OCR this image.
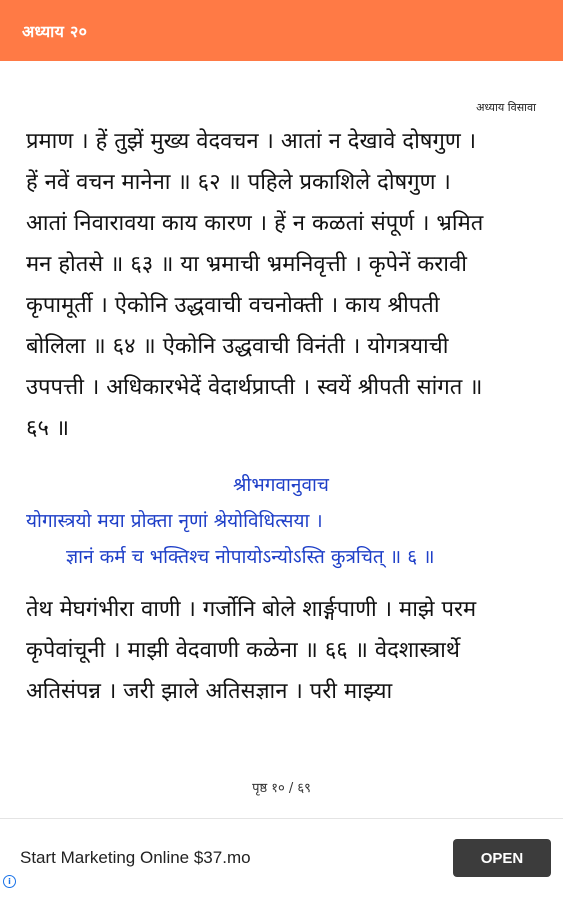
अध्याय २०
अध्याय विसावा

प्रमाण । हें तुझें मुख्य वेदवचन । आतां न देखावे दोषगुण ।
हें नवें वचन मानेना ॥ ६२ ॥ पहिले प्रकाशिले दोषगुण ।
आतां निवारावया काय कारण । हें न कळतां संपूर्ण । भ्रमित
मन होतसे ॥ ६३ ॥ या भ्रमाची भ्रमनिवृत्ती । कृपेनें करावी
कृपामूर्ती । ऐकोनि उद्धवाची वचनोक्ती । काय श्रीपती
बोलिला ॥ ६४ ॥ ऐकोनि उद्धवाची विनंती । योगत्रयाची
उपपत्ती । अधिकारभेदें वेदार्थप्राप्ती । स्वयें श्रीपती सांगत ॥
६५ ॥

श्रीभगवानुवाच
योगास्त्रयो मया प्रोक्ता नृणां श्रेयोविधित्सया ।
ज्ञानं कर्म च भक्तिश्च नोपायोऽन्योऽस्ति कुत्रचित् ॥ ६ ॥

तेथ मेघगंभीरा वाणी । गर्जोनि बोले शार्ङ्गपाणी । माझे परम
कृपेवांचूनी । माझी वेदवाणी कळेना ॥ ६६ ॥ वेदशास्त्रार्थे
अतिसंपन्न । जरी झाले अतिसज्ञान । परी माझ्या

पृष्ठ १० / ६९
Start Marketing Online $37.mo	OPEN
i
